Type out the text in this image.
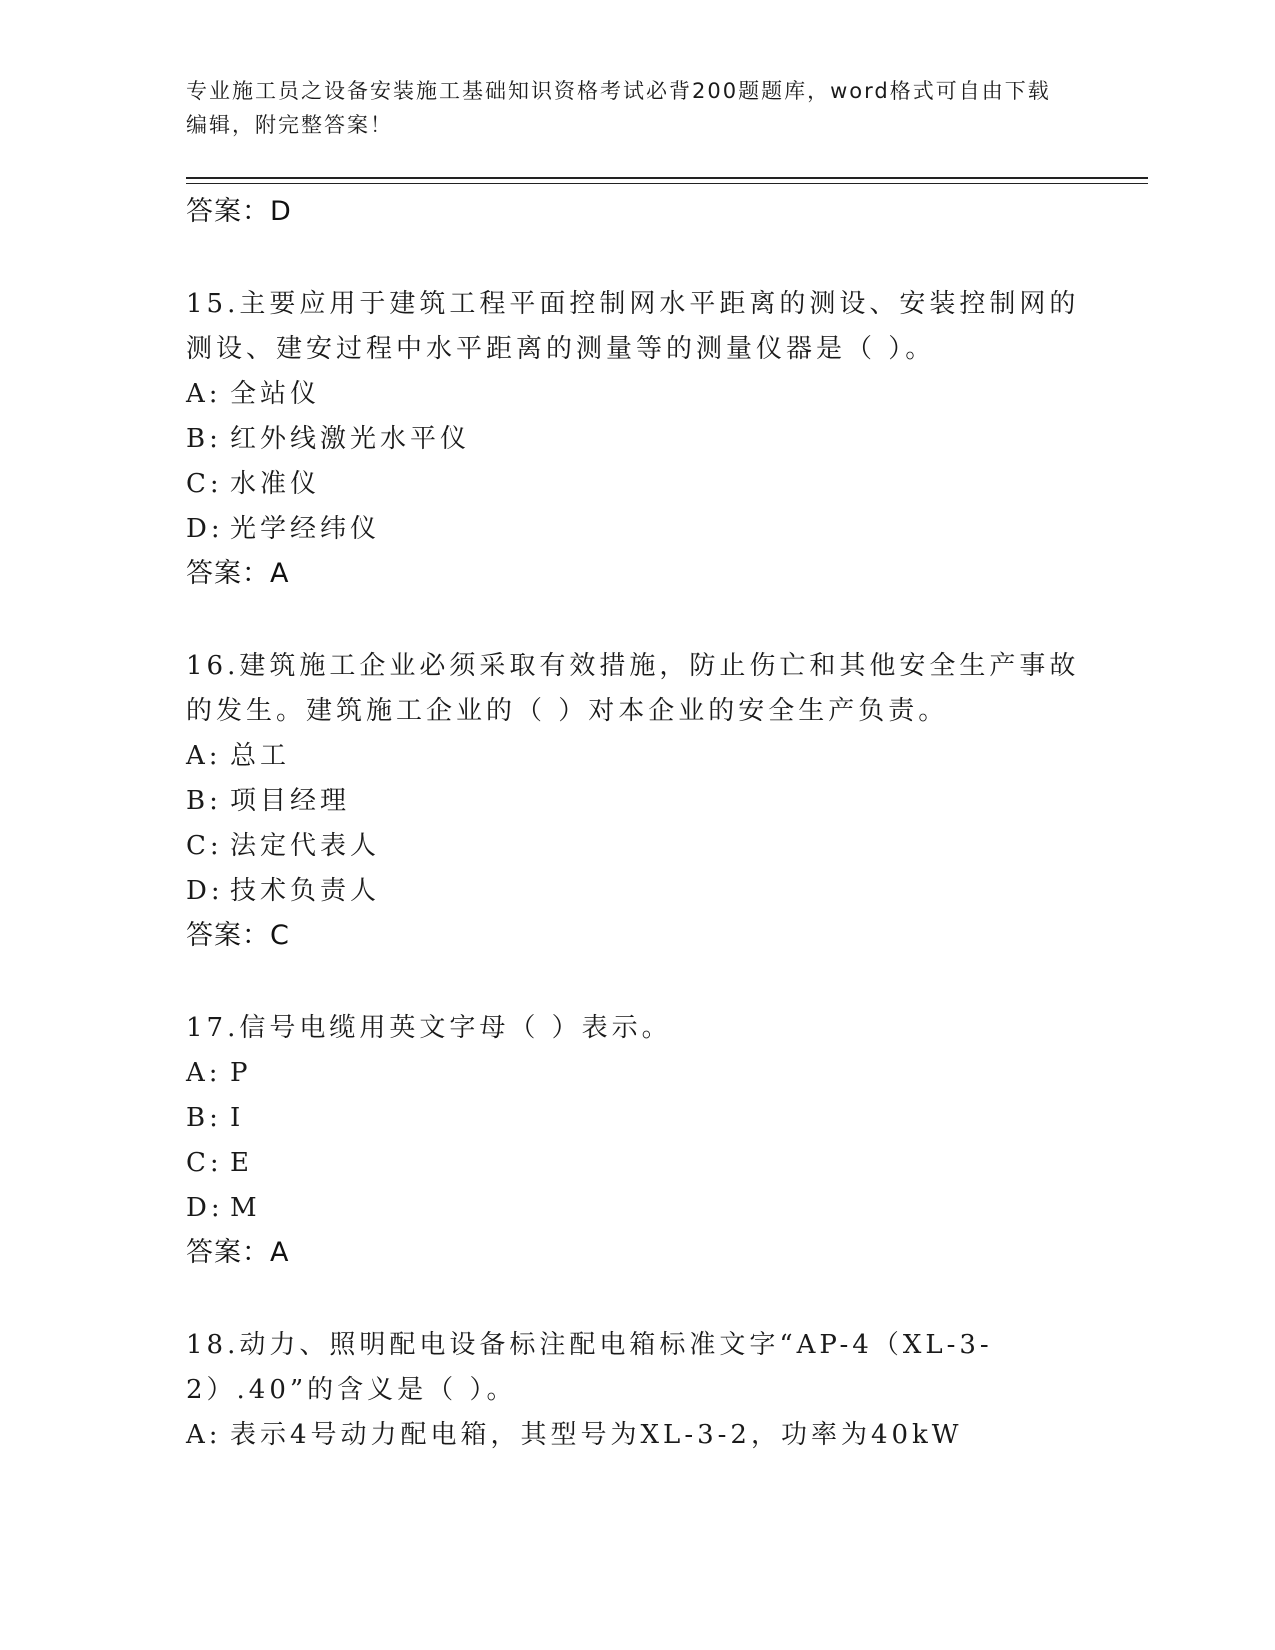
专业施工员之设备安装施工基础知识资格考试必背200题题库，word格式可自由下载编辑，附完整答案！
答案：D
15.主要应用于建筑工程平面控制网水平距离的测设、安装控制网的测设、建安过程中水平距离的测量等的测量仪器是（ ）。
A: 全站仪
B: 红外线激光水平仪
C: 水准仪
D: 光学经纬仪
答案：A
16.建筑施工企业必须采取有效措施，防止伤亡和其他安全生产事故的发生。建筑施工企业的（ ）对本企业的安全生产负责。
A: 总工
B: 项目经理
C: 法定代表人
D: 技术负责人
答案：C
17.信号电缆用英文字母（ ）表示。
A: P
B: I
C: E
D: M
答案：A
18.动力、照明配电设备标注配电箱标准文字“AP-4（XL-3-2）.40”的含义是（ ）。
A: 表示4号动力配电箱，其型号为XL-3-2，功率为40kW
